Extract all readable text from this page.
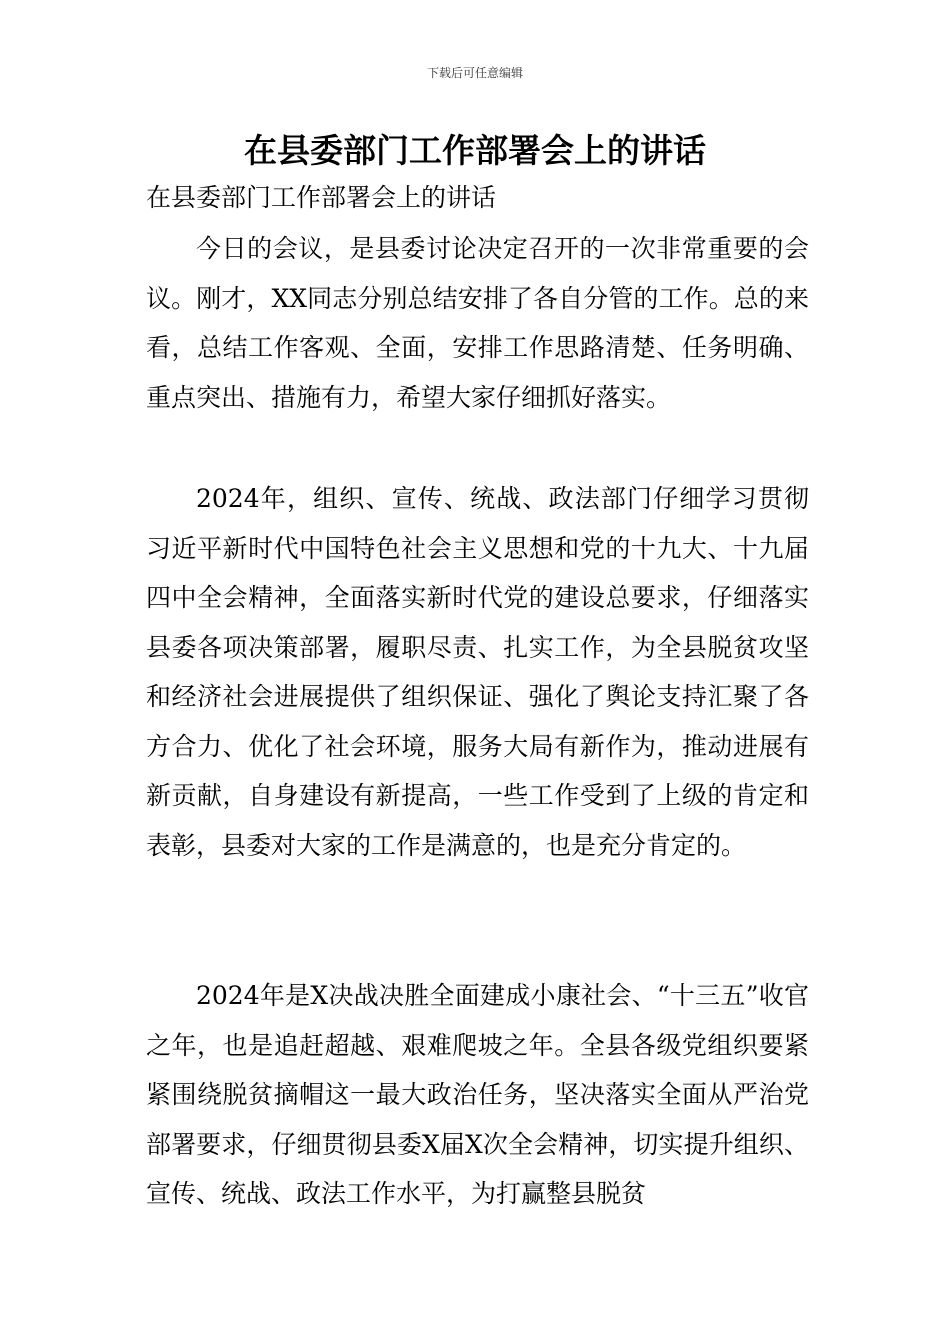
下载后可任意编辑
在县委部门工作部署会上的讲话

在县委部门工作部署会上的讲话

今日的会议，是县委讨论决定召开的一次非常重要的会议。刚才，XX同志分别总结安排了各自分管的工作。总的来看，总结工作客观、全面，安排工作思路清楚、任务明确、重点突出、措施有力，希望大家仔细抓好落实。

2024年，组织、宣传、统战、政法部门仔细学习贯彻习近平新时代中国特色社会主义思想和党的十九大、十九届四中全会精神，全面落实新时代党的建设总要求，仔细落实县委各项决策部署，履职尽责、扎实工作，为全县脱贫攻坚和经济社会进展提供了组织保证、强化了舆论支持汇聚了各方合力、优化了社会环境，服务大局有新作为，推动进展有新贡献，自身建设有新提高，一些工作受到了上级的肯定和表彰，县委对大家的工作是满意的，也是充分肯定的。

2024年是X决战决胜全面建成小康社会、“十三五”收官之年，也是追赶超越、艰难爬坡之年。全县各级党组织要紧紧围绕脱贫摘帽这一最大政治任务，坚决落实全面从严治党部署要求，仔细贯彻县委X届X次全会精神，切实提升组织、宣传、统战、政法工作水平，为打赢整县脱贫
